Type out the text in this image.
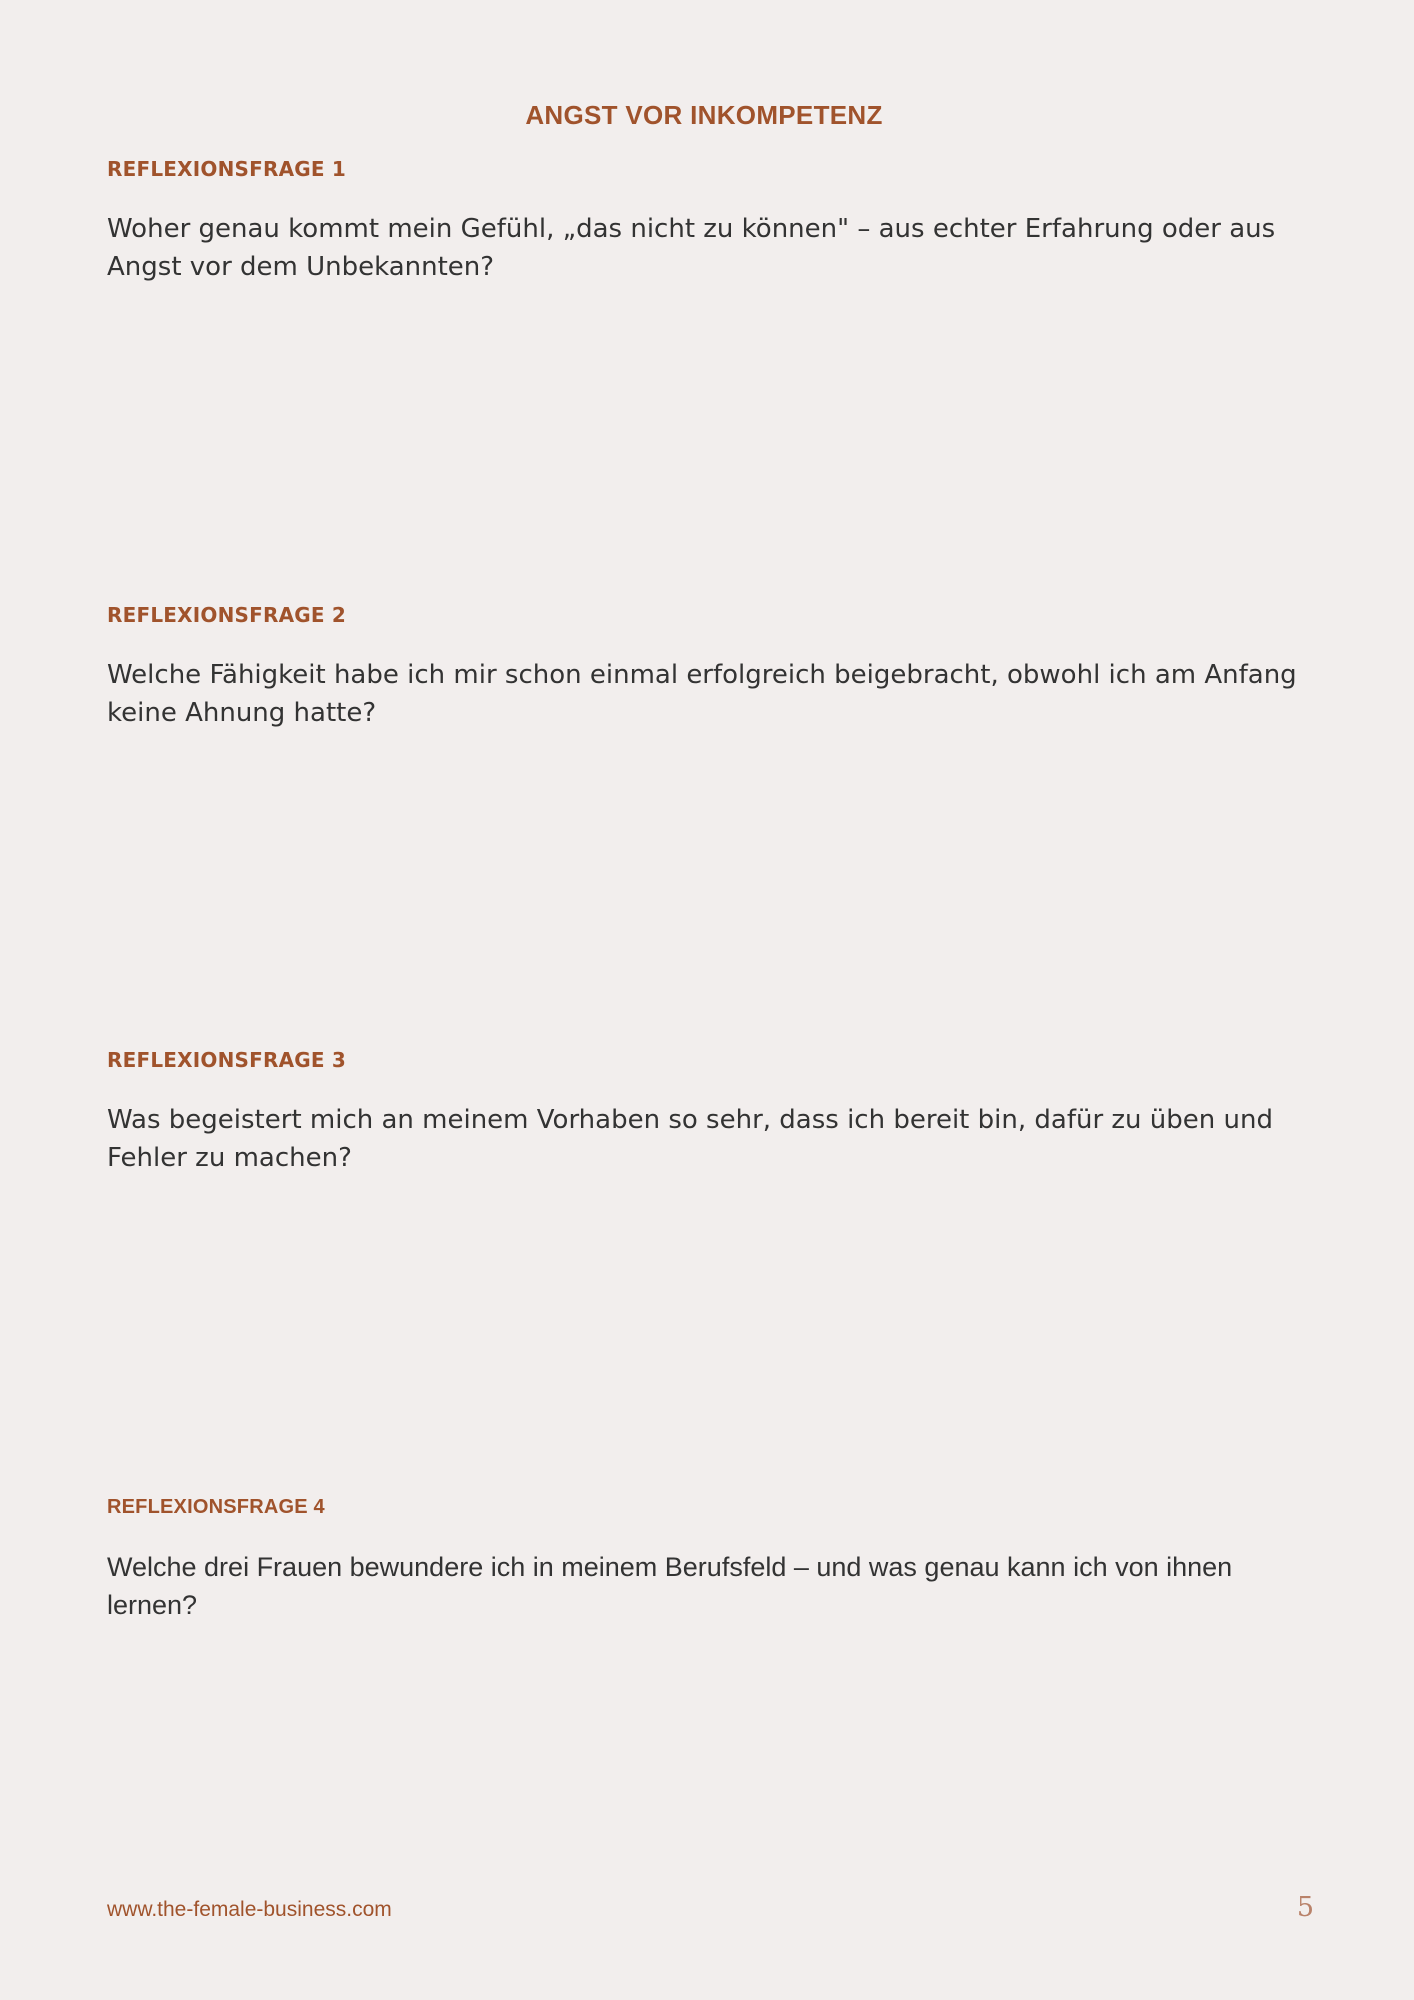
ANGST VOR INKOMPETENZ
REFLEXIONSFRAGE 1
Woher genau kommt mein Gefühl, „das nicht zu können" – aus echter Erfahrung oder aus Angst vor dem Unbekannten?
REFLEXIONSFRAGE 2
Welche Fähigkeit habe ich mir schon einmal erfolgreich beigebracht, obwohl ich am Anfang keine Ahnung hatte?
REFLEXIONSFRAGE 3
Was begeistert mich an meinem Vorhaben so sehr, dass ich bereit bin, dafür zu üben und Fehler zu machen?
REFLEXIONSFRAGE 4
Welche drei Frauen bewundere ich in meinem Berufsfeld – und was genau kann ich von ihnen lernen?
www.the-female-business.com	5
